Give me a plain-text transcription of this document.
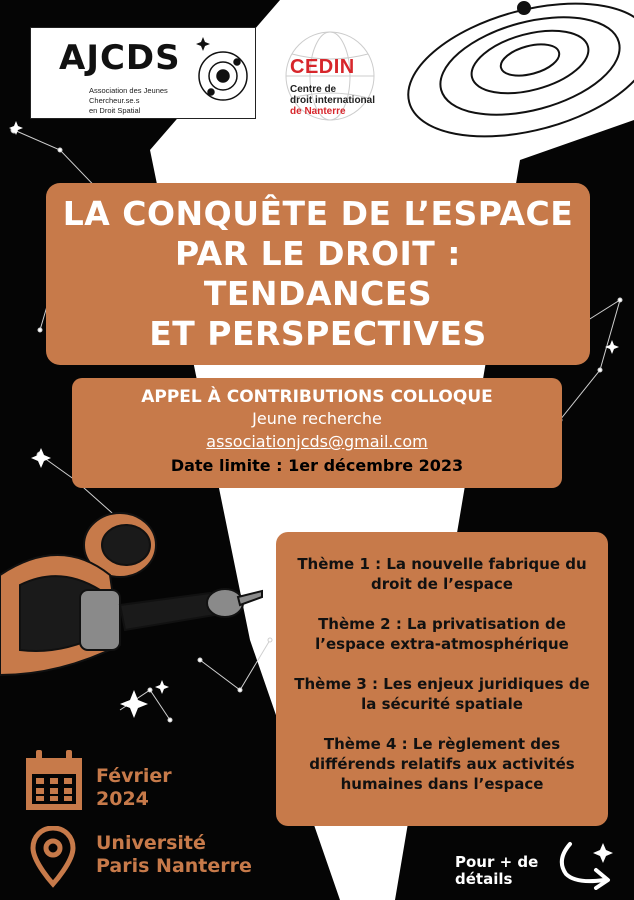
AJCDS
Association des Jeunes Chercheur.se.s
en Droit Spatial
CEDIN
Centre de
droit international
de Nanterre
LA CONQUÊTE DE L’ESPACE
PAR LE DROIT : TENDANCES
ET PERSPECTIVES
APPEL À CONTRIBUTIONS COLLOQUE
Jeune recherche
associationjcds@gmail.com
Date limite : 1er décembre 2023
Thème 1 : La nouvelle fabrique du
droit de l’espace
Thème 2 : La privatisation de
l’espace extra-atmosphérique
Thème 3 : Les enjeux juridiques de
la sécurité spatiale
Thème 4 : Le règlement des
différends relatifs aux activités
humaines dans l’espace
Février
2024
Université
Paris Nanterre	Pour + de
détails
